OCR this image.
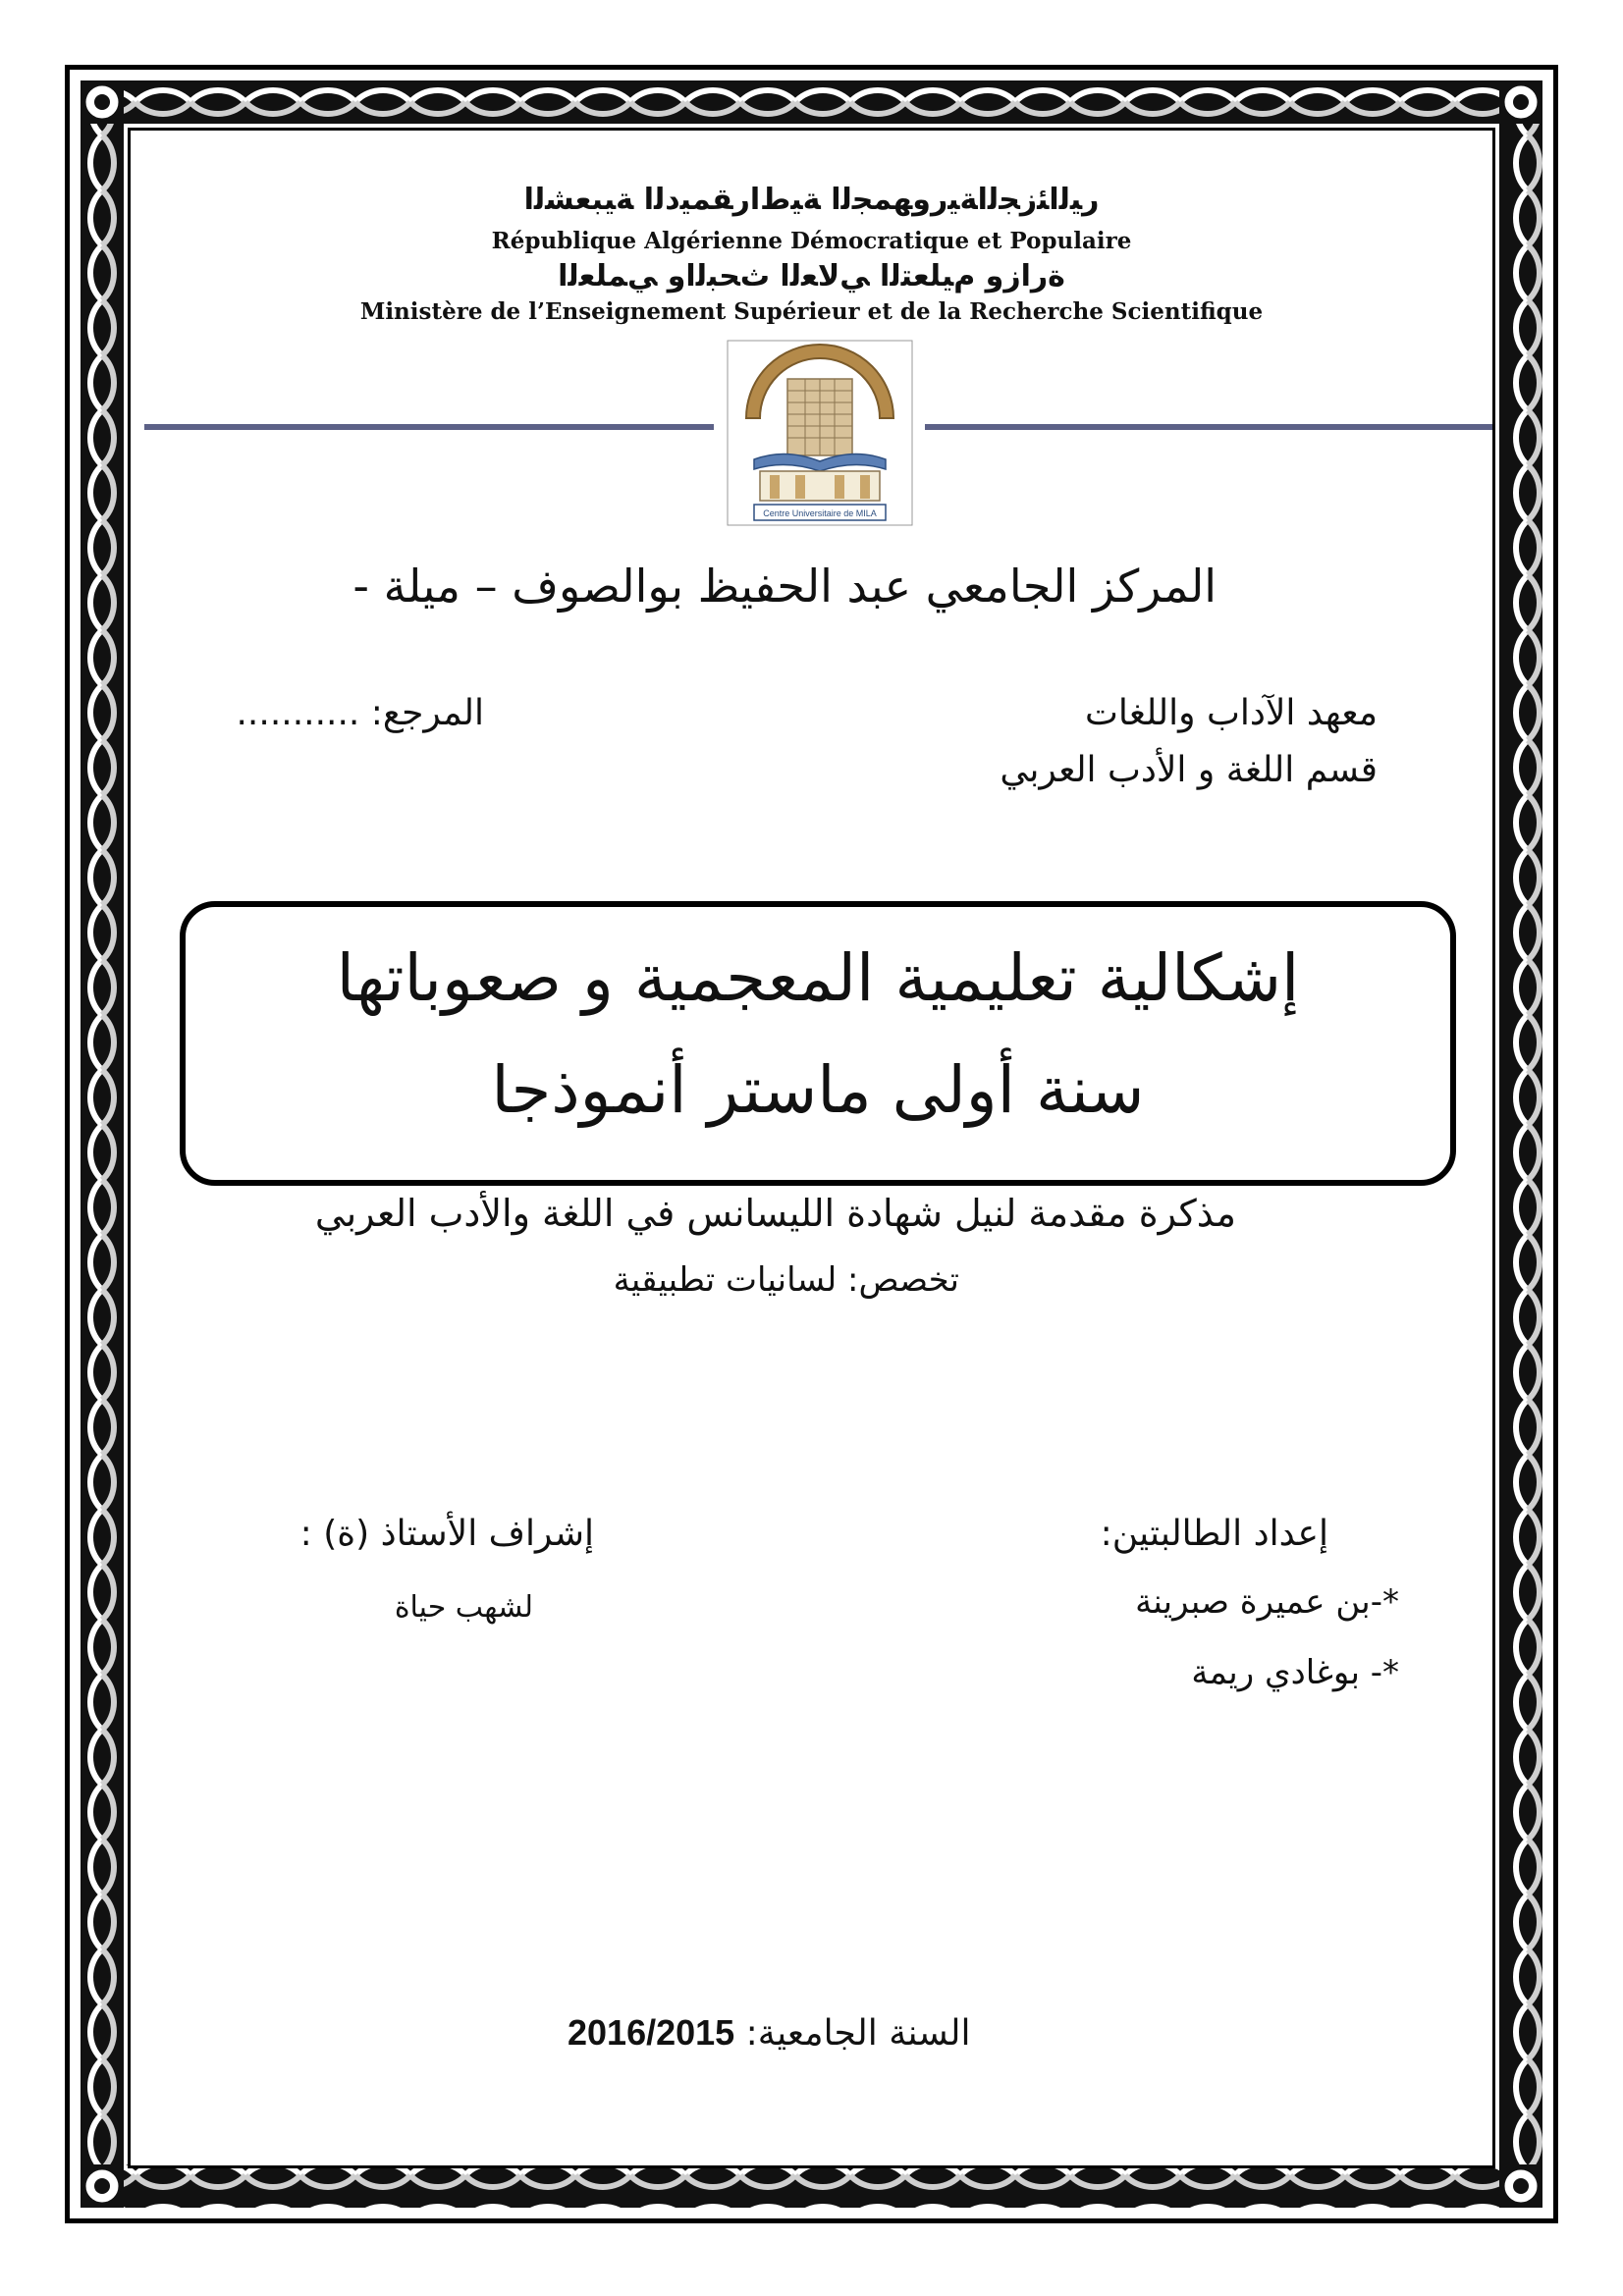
ﺭﻴﻟﺍﺌﺯﺠﻟﺍﺔﻴﺭﻭﻬﻤﺠﻟﺍ ﺔﻴﻁﺍﺭﻘﻤﻴﺩﻟﺍ ﺔﻴﺒﻌﺸﻟﺍ
République Algérienne Démocratique et Populaire
ﺓﺭﺍﺯﻭ ﻡﻴﻠﻌﺘﻟﺍ ﻲﻟﺎﻌﻟﺍ ﺙﺤﺒﻟﺍﻭ ﻲﻤﻠﻌﻟﺍ
Ministère de l’Enseignement Supérieur et de la Recherche Scientifique
Centre Universitaire de MILA
المركز الجامعي عبد الحفيظ بوالصوف – ميلة -
معهد الآداب واللغات
المرجع: ...........
قسم اللغة و الأدب العربي
إشكالية تعليمية المعجمية و صعوباتها
سنة أولى ماستر أنموذجا
مذكرة مقدمة لنيل شهادة الليسانس في اللغة والأدب العربي
تخصص: لسانيات تطبيقية
إعداد الطالبتين:
إشراف الأستاذ (ة) :
*-بن عميرة صبرينة
لشهب حياة
*- بوغادي ريمة
السنة الجامعية: 2016/2015
